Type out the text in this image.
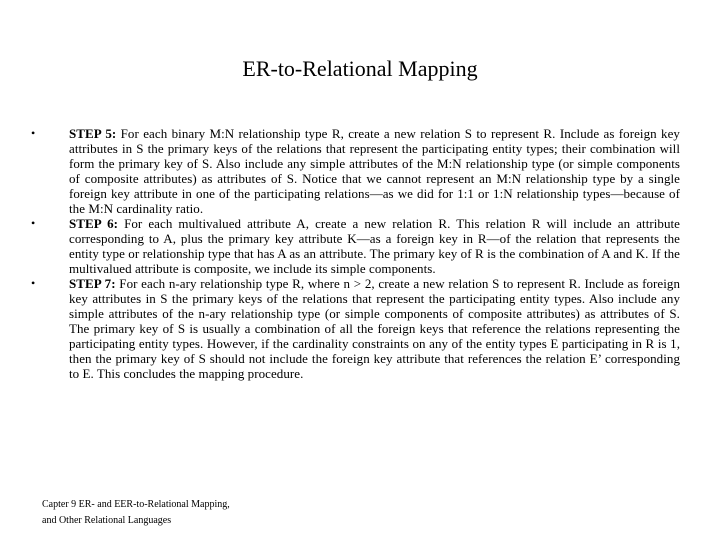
ER-to-Relational Mapping
•	STEP 5: For each binary M:N relationship type R, create a new relation S to represent R. Include as foreign key attributes in S the primary keys of the relations that represent the participating entity types; their combination will form the primary key of S. Also include any simple attributes of the M:N relationship type (or simple components of composite attributes) as attributes of S. Notice that we cannot represent an M:N relationship type by a single foreign key attribute in one of the participating relations—as we did for 1:1 or 1:N relationship types—because of the M:N cardinality ratio.
•	STEP 6: For each multivalued attribute A, create a new relation R. This relation R will include an attribute corresponding to A, plus the primary key attribute K—as a foreign key in R—of the relation that represents the entity type or relationship type that has A as an attribute. The primary key of R is the combination of A and K. If the multivalued attribute is composite, we include its simple components.
•	STEP 7: For each n-ary relationship type R, where n > 2, create a new relation S to represent R. Include as foreign key attributes in S the primary keys of the relations that represent the participating entity types. Also include any simple attributes of the n-ary relationship type (or simple components of composite attributes) as attributes of S. The primary key of S is usually a combination of all the foreign keys that reference the relations representing the participating entity types. However, if the cardinality constraints on any of the entity types E participating in R is 1, then the primary key of S should not include the foreign key attribute that references the relation E’ corresponding to E. This concludes the mapping procedure.
Capter 9 ER- and EER-to-Relational Mapping,
and Other Relational Languages
